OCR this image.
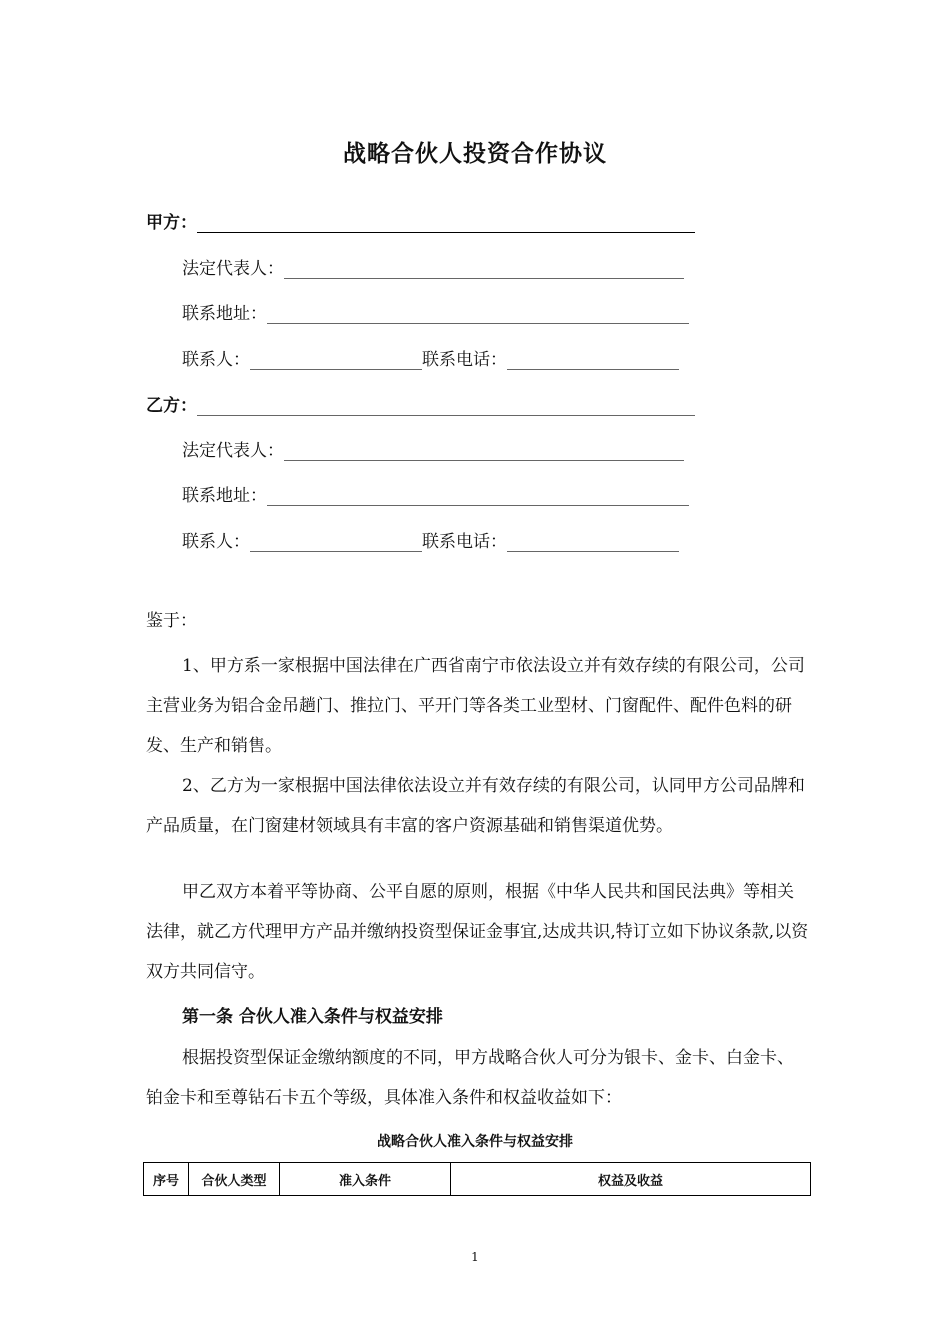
战略合伙人投资合作协议
甲方：
法定代表人：
联系地址：
联系人：	联系电话：
乙方：
法定代表人：
联系地址：
联系人：	联系电话：
鉴于：
1、甲方系一家根据中国法律在广西省南宁市依法设立并有效存续的有限公司，公司主营业务为铝合金吊趟门、推拉门、平开门等各类工业型材、门窗配件、配件色料的研发、生产和销售。
2、乙方为一家根据中国法律依法设立并有效存续的有限公司，认同甲方公司品牌和产品质量，在门窗建材领域具有丰富的客户资源基础和销售渠道优势。
甲乙双方本着平等协商、公平自愿的原则，根据《中华人民共和国民法典》等相关法律，就乙方代理甲方产品并缴纳投资型保证金事宜,达成共识,特订立如下协议条款,以资双方共同信守。
第一条 合伙人准入条件与权益安排
根据投资型保证金缴纳额度的不同，甲方战略合伙人可分为银卡、金卡、白金卡、铂金卡和至尊钻石卡五个等级，具体准入条件和权益收益如下：
战略合伙人准入条件与权益安排
序号	合伙人类型	准入条件	权益及收益
1
